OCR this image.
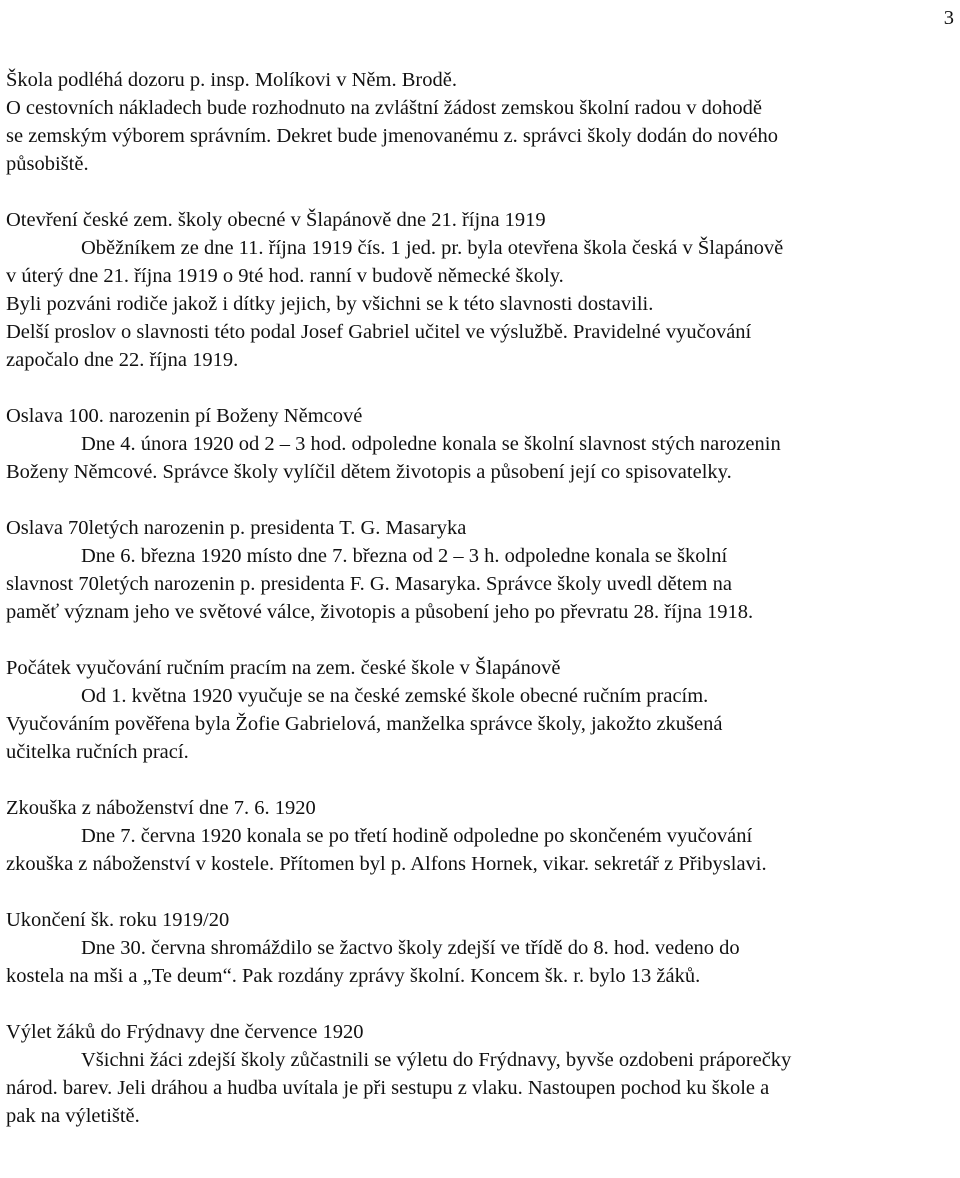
3

Škola podléhá dozoru p. insp. Molíkovi v Něm. Brodě.

O cestovních nákladech bude rozhodnuto na zvláštní žádost zemskou školní radou v dohodě

se zemským výborem správním. Dekret bude jmenovanému z. správci školy dodán do nového

působiště.

Otevření české zem. školy obecné v Šlapánově dne 21. října 1919

Oběžníkem ze dne 11. října 1919 čís. 1 jed. pr. byla otevřena škola česká v Šlapánově

v úterý dne 21. října 1919 o 9té hod. ranní v budově německé školy.

Byli pozváni rodiče jakož i dítky jejich, by všichni se k této slavnosti dostavili.

Delší proslov o slavnosti této podal Josef Gabriel učitel ve výslužbě. Pravidelné vyučování

započalo dne 22. října 1919.

Oslava 100. narozenin pí Boženy Němcové

Dne 4. února 1920 od 2 – 3 hod. odpoledne konala se školní slavnost stých narozenin

Boženy Němcové. Správce školy vylíčil dětem životopis a působení její co spisovatelky.

Oslava 70letých narozenin p. presidenta T. G. Masaryka

Dne 6. března 1920 místo dne 7. března od 2 – 3 h. odpoledne konala se školní

slavnost 70letých narozenin p. presidenta F. G. Masaryka. Správce školy uvedl dětem na

paměť význam jeho ve světové válce, životopis a působení jeho po převratu 28. října 1918.

Počátek vyučování ručním pracím na zem. české škole v Šlapánově

Od 1. května 1920 vyučuje se na české zemské škole obecné ručním pracím.

Vyučováním pověřena byla Žofie Gabrielová, manželka správce školy, jakožto zkušená

učitelka ručních prací.

Zkouška z náboženství dne 7. 6. 1920

Dne 7. června 1920 konala se po třetí hodině odpoledne po skončeném vyučování

zkouška z náboženství v kostele. Přítomen byl p. Alfons Hornek, vikar. sekretář z Přibyslavi.

Ukončení šk. roku 1919/20

Dne 30. června shromáždilo se žactvo školy zdejší ve třídě do 8. hod. vedeno do

kostela na mši a „Te deum“. Pak rozdány zprávy školní. Koncem šk. r. bylo 13 žáků.

Výlet žáků do Frýdnavy dne července 1920

Všichni žáci zdejší školy zůčastnili se výletu do Frýdnavy, byvše ozdobeni práporečky

národ. barev. Jeli dráhou a hudba uvítala je při sestupu z vlaku. Nastoupen pochod ku škole a

pak na výletiště.
